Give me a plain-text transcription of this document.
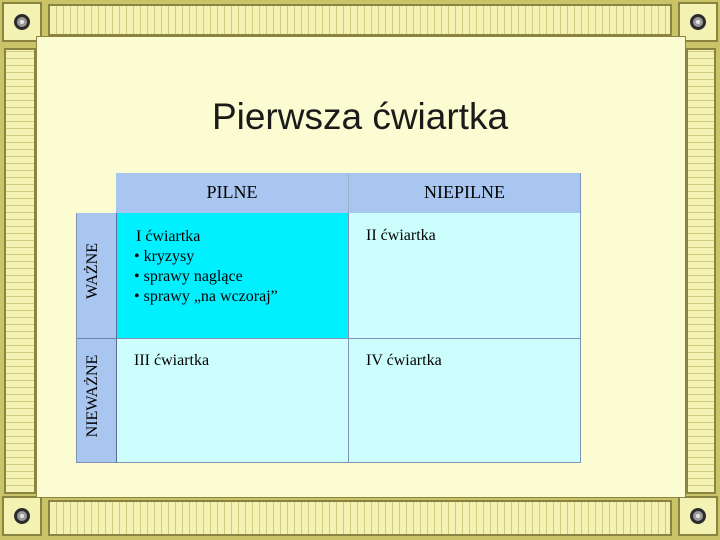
Pierwsza ćwiartka
PILNE	NIEPILNE
WAŻNE
NIEWAŻNE
I ćwiartka
• kryzysy
• sprawy naglące
• sprawy „na wczoraj”
II ćwiartka
III ćwiartka	IV ćwiartka
